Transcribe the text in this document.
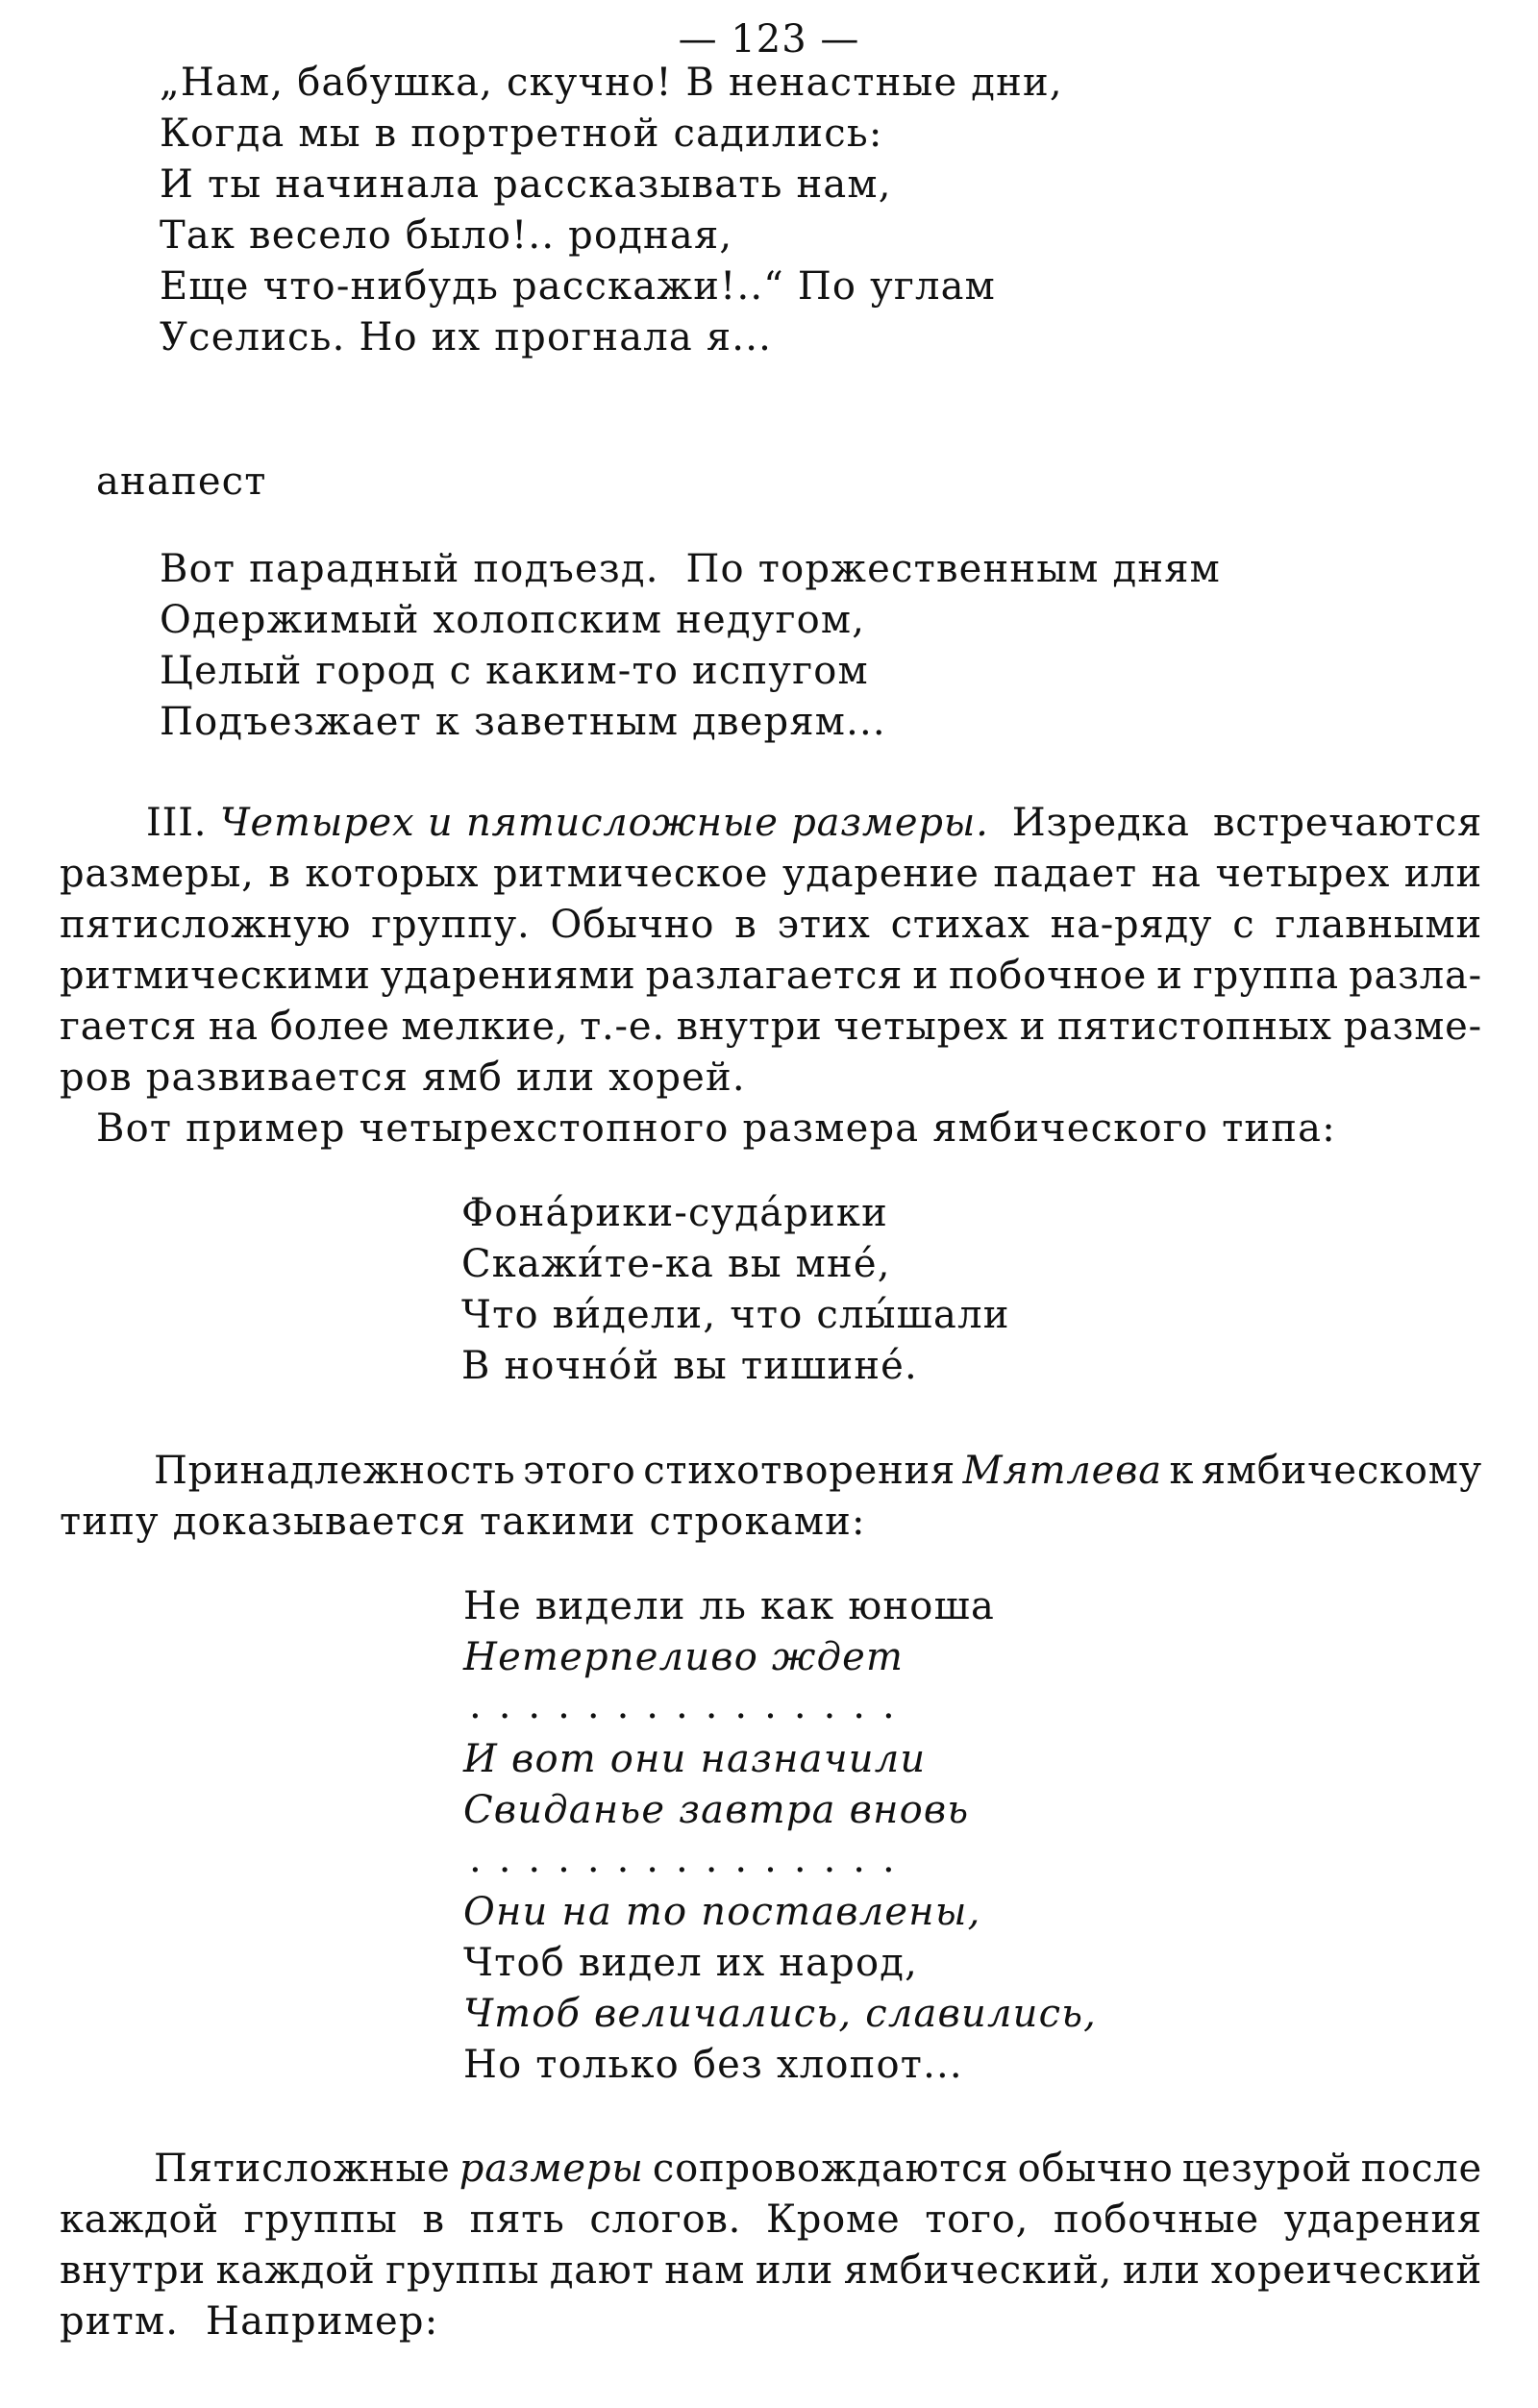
— 123 —
„Нам, бабушка, скучно! В ненастные дни,
Когда мы в портретной садились:
И ты начинала рассказывать нам,
Так весело было!.. родная,
Еще что-нибудь расскажи!..“ По углам
Уселись. Но их прогнала я...
анапест
Вот парадный подъезд.  По торжественным дням
Одержимый холопским недугом,
Целый город с каким-то испугом
Подъезжает к заветным дверям...
III. Четырех и пятисложные размеры. Изредка встречаются
размеры, в которых ритмическое ударение падает на четырех или
пятисложную группу. Обычно в этих стихах на-ряду с главными
ритмическими ударениями разлагается и побочное и группа разла-
гается на более мелкие, т.-е. внутри четырех и пятистопных разме-
ров развивается ямб или хорей.
Вот пример четырехстопного размера ямбического типа:
Фона́рики-суда́рики
Скажи́те-ка вы мне́,
Что ви́дели, что слы́шали
В ночно́й вы тишине́.
Принадлежность этого стихотворения Мятлева к ямбическому
типу доказывается такими строками:
Не видели ль как юноша
Нетерпеливо ждет
...............
И вот они назначили
Свиданье завтра вновь
...............
Они на то поставлены,
Чтоб видел их народ,
Чтоб величались, славились,
Но только без хлопот...
Пятисложные размеры сопровождаются обычно цезурой после
каждой группы в пять слогов. Кроме того, побочные ударения
внутри каждой группы дают нам или ямбический, или хореический
ритм.  Например:
